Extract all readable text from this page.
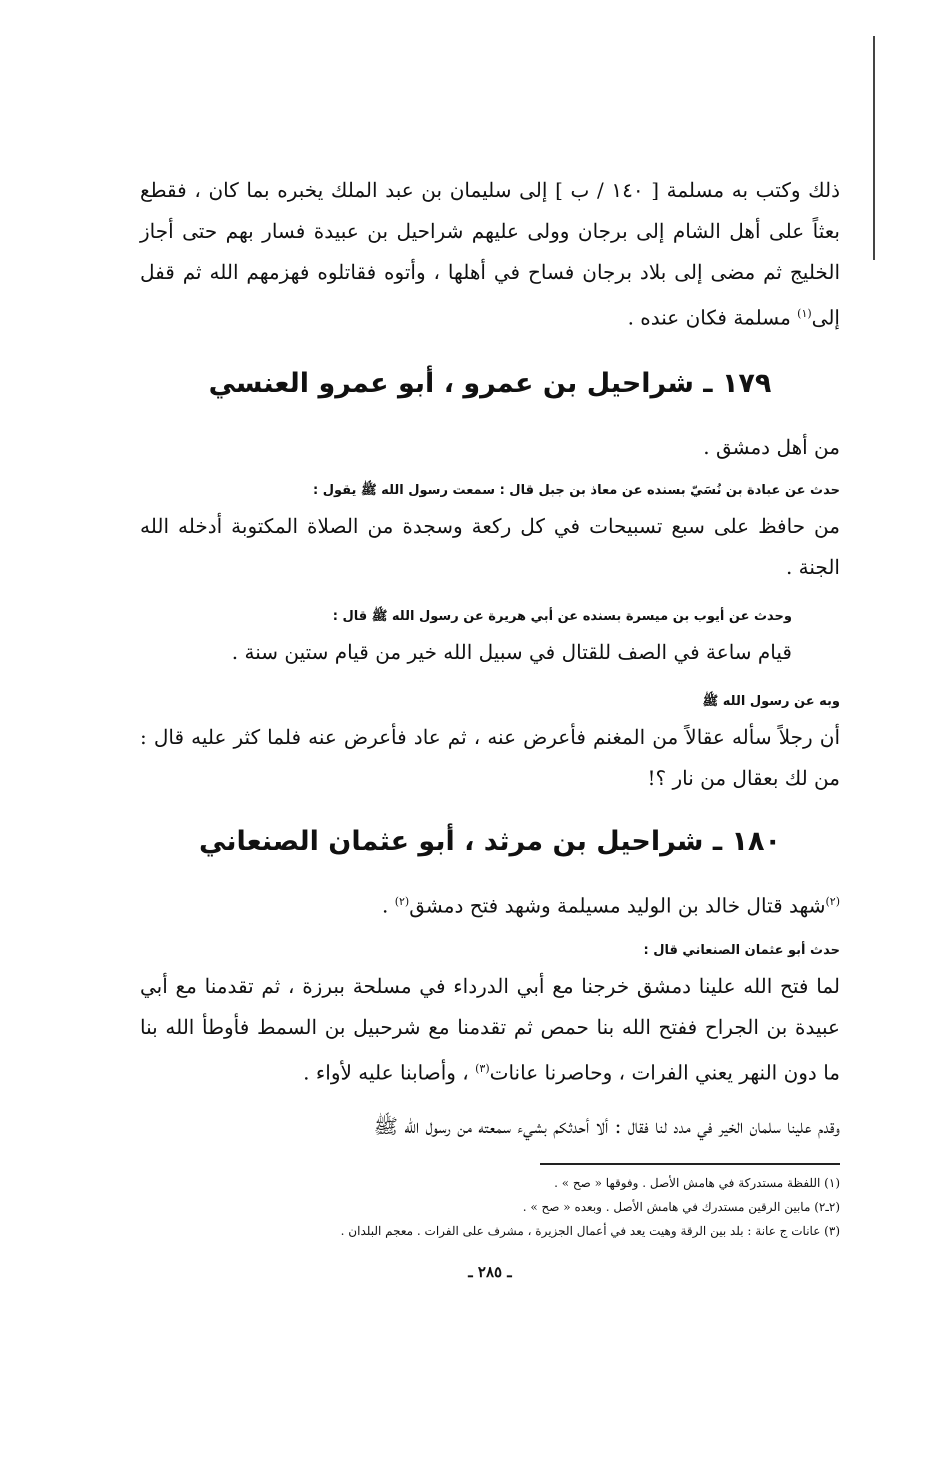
ذلك وكتب به مسلمة [ ١٤٠ / ب ] إلى سليمان بن عبد الملك يخبره بما كان ، فقطع بعثاً على أهل الشام إلى برجان وولى عليهم شراحيل بن عبيدة فسار بهم حتى أجاز الخليج ثم مضى إلى بلاد برجان فساح في أهلها ، وأتوه فقاتلوه فهزمهم الله ثم قفل إلى$^{(١)}$ مسلمة فكان عنده .

١٧٩ ـ شراحيل بن عمرو ، أبو عمرو العنسي

من أهل دمشق .

حدث عن عبادة بن نُسَيّ بسنده عن معاذ بن جبل قال : سمعت رسول الله ﷺ يقول :

من حافظ على سبع تسبيحات في كل ركعة وسجدة من الصلاة المكتوبة أدخله الله الجنة .

وحدث عن أيوب بن ميسرة بسنده عن أبي هريرة عن رسول الله ﷺ قال :

قيام ساعة في الصف للقتال في سبيل الله خير من قيام ستين سنة .

وبه عن رسول الله ﷺ

أن رجلاً سأله عقالاً من المغنم فأعرض عنه ، ثم عاد فأعرض عنه فلما كثر عليه قال : من لك بعقال من نار ؟!

١٨٠ ـ شراحيل بن مرثد ، أبو عثمان الصنعاني

$^{(٢)}$شهد قتال خالد بن الوليد مسيلمة وشهد فتح دمشق$^{(٢)}$ .

حدث أبو عثمان الصنعاني قال :

لما فتح الله علينا دمشق خرجنا مع أبي الدرداء في مسلحة ببرزة ، ثم تقدمنا مع أبي عبيدة بن الجراح ففتح الله بنا حمص ثم تقدمنا مع شرحبيل بن السمط فأوطأ الله بنا ما دون النهر يعني الفرات ، وحاصرنا عانات$^{(٣)}$ ، وأصابنا عليه لأواء .

وقدم علينا سلمان الخير في مدد لنا فقال : ألا أحدثكم بشيء سمعته من رسول الله ﷺ

(١) اللفظة مستدركة في هامش الأصل . وفوقها « صح » .

(٢ـ٢) مابين الرقين مستدرك في هامش الأصل . وبعده « صح » .

(٣) عانات ج عانة : بلد بين الرقة وهيت يعد في أعمال الجزيرة ، مشرف على الفرات . معجم البلدان .

ـ ٢٨٥ ـ
